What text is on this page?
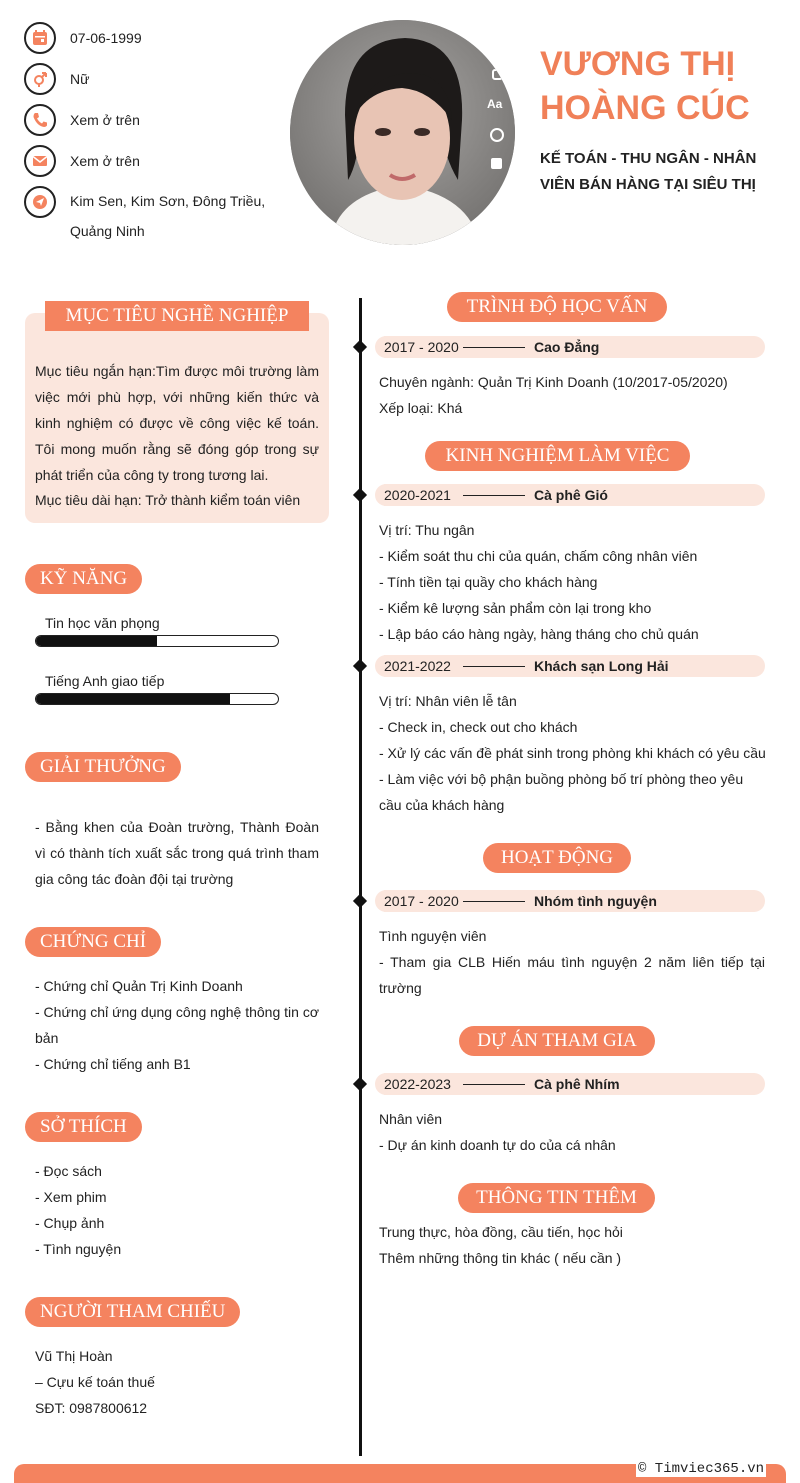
07-06-1999
Nữ
Xem ở trên
Xem ở trên
Kim Sen, Kim Sơn, Đông Triều, Quảng Ninh
Aa
VƯƠNG THỊ
HOÀNG CÚC
KẾ TOÁN - THU NGÂN - NHÂN VIÊN BÁN HÀNG TẠI SIÊU THỊ
MỤC TIÊU NGHỀ NGHIỆP
Mục tiêu ngắn hạn:Tìm được môi trường làm việc mới phù hợp, với những kiến thức và kinh nghiệm có được về công việc kế toán. Tôi mong muốn rằng sẽ đóng góp trong sự phát triển của công ty trong tương lai.
Mục tiêu dài hạn: Trở thành kiểm toán viên
KỸ NĂNG
Tin học văn phọng
Tiếng Anh giao tiếp
GIẢI THƯỞNG
- Bằng khen của Đoàn trường, Thành Đoàn vì có thành tích xuất sắc trong quá trình tham gia công tác đoàn đội tại trường
CHỨNG CHỈ
- Chứng chỉ Quản Trị Kinh Doanh
- Chứng chỉ ứng dụng công nghệ thông tin cơ bản
- Chứng chỉ tiếng anh B1
SỞ THÍCH
- Đọc sách
- Xem phim
- Chụp ảnh
- Tình nguyện
NGƯỜI THAM CHIẾU
Vũ Thị Hoàn
– Cựu kế toán thuế
SĐT: 0987800612
TRÌNH ĐỘ HỌC VẤN
2017 - 2020	Cao Đẳng
Chuyên ngành: Quản Trị Kinh Doanh (10/2017-05/2020)
Xếp loại: Khá
KINH NGHIỆM LÀM VIỆC
2020-2021	Cà phê Gió
Vị trí: Thu ngân
- Kiểm soát thu chi của quán, chấm công nhân viên
- Tính tiền tại quầy cho khách hàng
- Kiểm kê lượng sản phẩm còn lại trong kho
- Lập báo cáo hàng ngày, hàng tháng cho chủ quán
2021-2022	Khách sạn Long Hải
Vị trí: Nhân viên lễ tân
- Check in, check out cho khách
- Xử lý các vấn đề phát sinh trong phòng khi khách có yêu cầu
- Làm việc với bộ phận buồng phòng bố trí phòng theo yêu cầu của khách hàng
HOẠT ĐỘNG
2017 - 2020	Nhóm tình nguyện
Tình nguyện viên
- Tham gia CLB Hiến máu tình nguyện 2 năm liên tiếp tại trường
DỰ ÁN THAM GIA
2022-2023	Cà phê Nhím
Nhân viên
- Dự án kinh doanh tự do của cá nhân
THÔNG TIN THÊM
Trung thực, hòa đồng, cầu tiến, học hỏi
Thêm những thông tin khác ( nếu cần )
© Timviec365.vn
